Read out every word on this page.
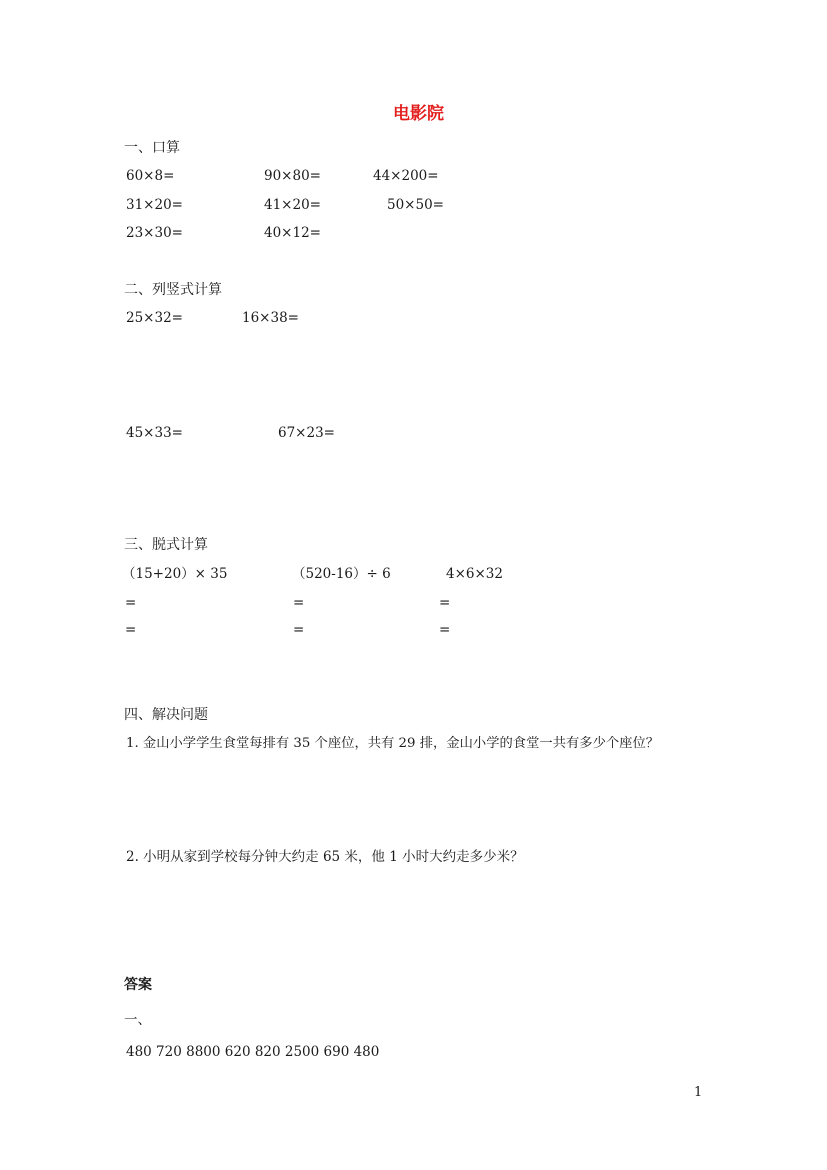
电影院
一、口算
60×8=	90×80=	44×200=
31×20=	41×20=	50×50=
23×30=	40×12=
二、列竖式计算
25×32=	16×38=
45×33=	67×23=
三、脱式计算
（15+20）× 35	（520-16）÷ 6	4×6×32
=	=	=
=	=	=
四、解决问题
1. 金山小学学生食堂每排有 35 个座位，共有 29 排，金山小学的食堂一共有多少个座位？
2. 小明从家到学校每分钟大约走 65 米，他 1 小时大约走多少米？
答案
一、
480 720 8800 620 820 2500 690 480
1
